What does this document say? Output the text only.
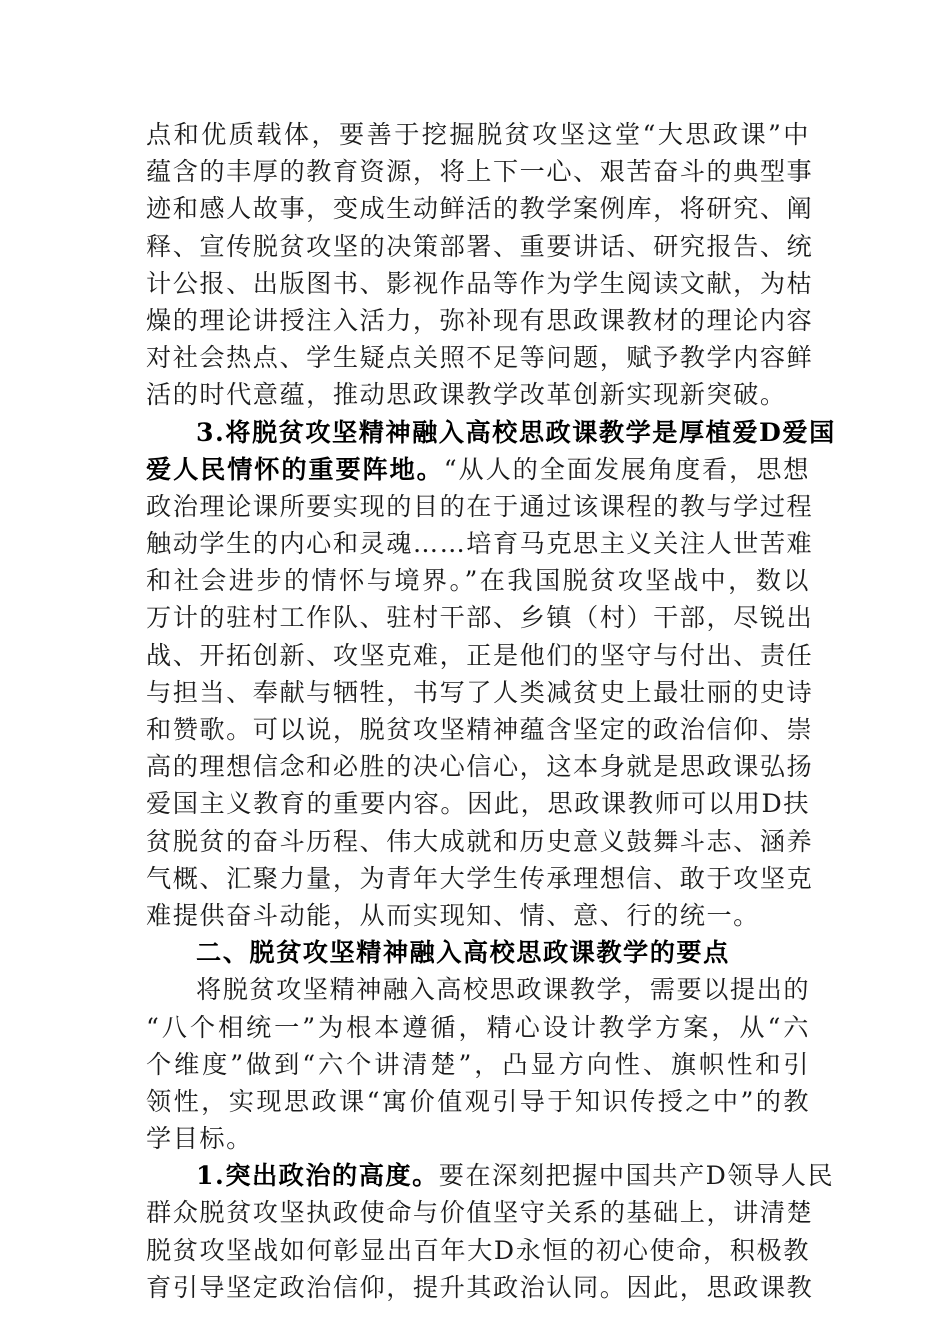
点和优质载体，要善于挖掘脱贫攻坚这堂“大思政课”中
蕴含的丰厚的教育资源，将上下一心、艰苦奋斗的典型事
迹和感人故事，变成生动鲜活的教学案例库，将研究、阐
释、宣传脱贫攻坚的决策部署、重要讲话、研究报告、统
计公报、出版图书、影视作品等作为学生阅读文献，为枯
燥的理论讲授注入活力，弥补现有思政课教材的理论内容
对社会热点、学生疑点关照不足等问题，赋予教学内容鲜
活的时代意蕴，推动思政课教学改革创新实现新突破。
3.将脱贫攻坚精神融入高校思政课教学是厚植爱D爱国
爱人民情怀的重要阵地。“从人的全面发展角度看，思想
政治理论课所要实现的目的在于通过该课程的教与学过程
触动学生的内心和灵魂……培育马克思主义关注人世苦难
和社会进步的情怀与境界。”在我国脱贫攻坚战中，数以
万计的驻村工作队、驻村干部、乡镇（村）干部，尽锐出
战、开拓创新、攻坚克难，正是他们的坚守与付出、责任
与担当、奉献与牺牲，书写了人类减贫史上最壮丽的史诗
和赞歌。可以说，脱贫攻坚精神蕴含坚定的政治信仰、崇
高的理想信念和必胜的决心信心，这本身就是思政课弘扬
爱国主义教育的重要内容。因此，思政课教师可以用D扶
贫脱贫的奋斗历程、伟大成就和历史意义鼓舞斗志、涵养
气概、汇聚力量，为青年大学生传承理想信、敢于攻坚克
难提供奋斗动能，从而实现知、情、意、行的统一。
二、脱贫攻坚精神融入高校思政课教学的要点
将脱贫攻坚精神融入高校思政课教学，需要以提出的
“八个相统一”为根本遵循，精心设计教学方案，从“六
个维度”做到“六个讲清楚”，凸显方向性、旗帜性和引
领性，实现思政课“寓价值观引导于知识传授之中”的教
学目标。
1.突出政治的高度。要在深刻把握中国共产D领导人民
群众脱贫攻坚执政使命与价值坚守关系的基础上，讲清楚
脱贫攻坚战如何彰显出百年大D永恒的初心使命，积极教
育引导坚定政治信仰，提升其政治认同。因此，思政课教
